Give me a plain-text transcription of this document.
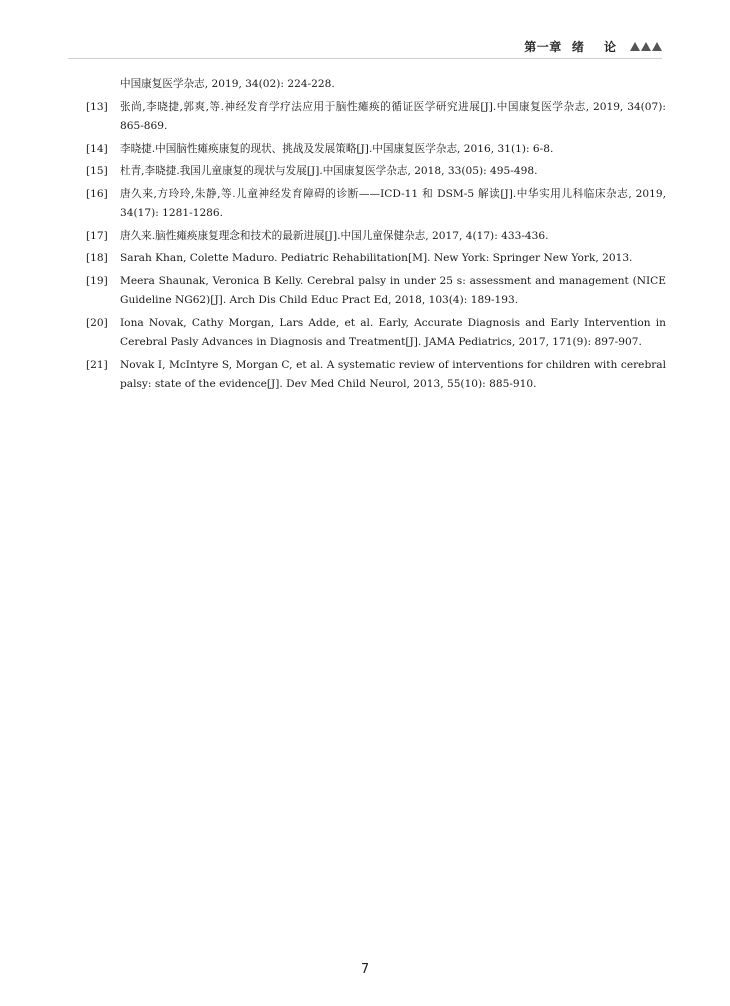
第一章 绪 论
中国康复医学杂志, 2019, 34(02): 224-228.
[13]	张尚,李晓捷,郭爽,等.神经发育学疗法应用于脑性瘫痪的循证医学研究进展[J].中国康复医学杂志, 2019, 34(07): 865-869.
[14]	李晓捷.中国脑性瘫痪康复的现状、挑战及发展策略[J].中国康复医学杂志, 2016, 31(1): 6-8.
[15]	杜青,李晓捷.我国儿童康复的现状与发展[J].中国康复医学杂志, 2018, 33(05): 495-498.
[16]	唐久来,方玲玲,朱静,等.儿童神经发育障碍的诊断——ICD-11 和 DSM-5 解读[J].中华实用儿科临床杂志, 2019, 34(17): 1281-1286.
[17]	唐久来.脑性瘫痪康复理念和技术的最新进展[J].中国儿童保健杂志, 2017, 4(17): 433-436.
[18]	Sarah Khan, Colette Maduro. Pediatric Rehabilitation[M]. New York: Springer New York, 2013.
[19]	Meera Shaunak, Veronica B Kelly. Cerebral palsy in under 25 s: assessment and management (NICE Guideline NG62)[J]. Arch Dis Child Educ Pract Ed, 2018, 103(4): 189-193.
[20]	Iona Novak, Cathy Morgan, Lars Adde, et al. Early, Accurate Diagnosis and Early Intervention in Cerebral Pasly Advances in Diagnosis and Treatment[J]. JAMA Pediatrics, 2017, 171(9): 897-907.
[21]	Novak I, McIntyre S, Morgan C, et al. A systematic review of interventions for children with cerebral palsy: state of the evidence[J]. Dev Med Child Neurol, 2013, 55(10): 885-910.
7
